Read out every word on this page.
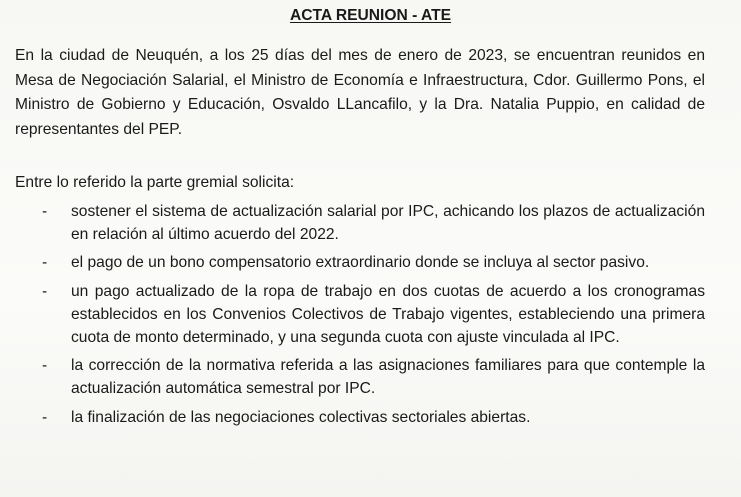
ACTA REUNION - ATE

En la ciudad de Neuquén, a los 25 días del mes de enero de 2023, se encuentran reunidos en Mesa de Negociación Salarial, el Ministro de Economía e Infraestructura, Cdor. Guillermo Pons, el Ministro de Gobierno y Educación, Osvaldo LLancafilo, y la Dra. Natalia Puppio, en calidad de representantes del PEP.

Entre lo referido la parte gremial solicita:

- sostener el sistema de actualización salarial por IPC, achicando los plazos de actualización en relación al último acuerdo del 2022.
- el pago de un bono compensatorio extraordinario donde se incluya al sector pasivo.
- un pago actualizado de la ropa de trabajo en dos cuotas de acuerdo a los cronogramas establecidos en los Convenios Colectivos de Trabajo vigentes, estableciendo una primera cuota de monto determinado, y una segunda cuota con ajuste vinculada al IPC.
- la corrección de la normativa referida a las asignaciones familiares para que contemple la actualización automática semestral por IPC.
- la finalización de las negociaciones colectivas sectoriales abiertas.
